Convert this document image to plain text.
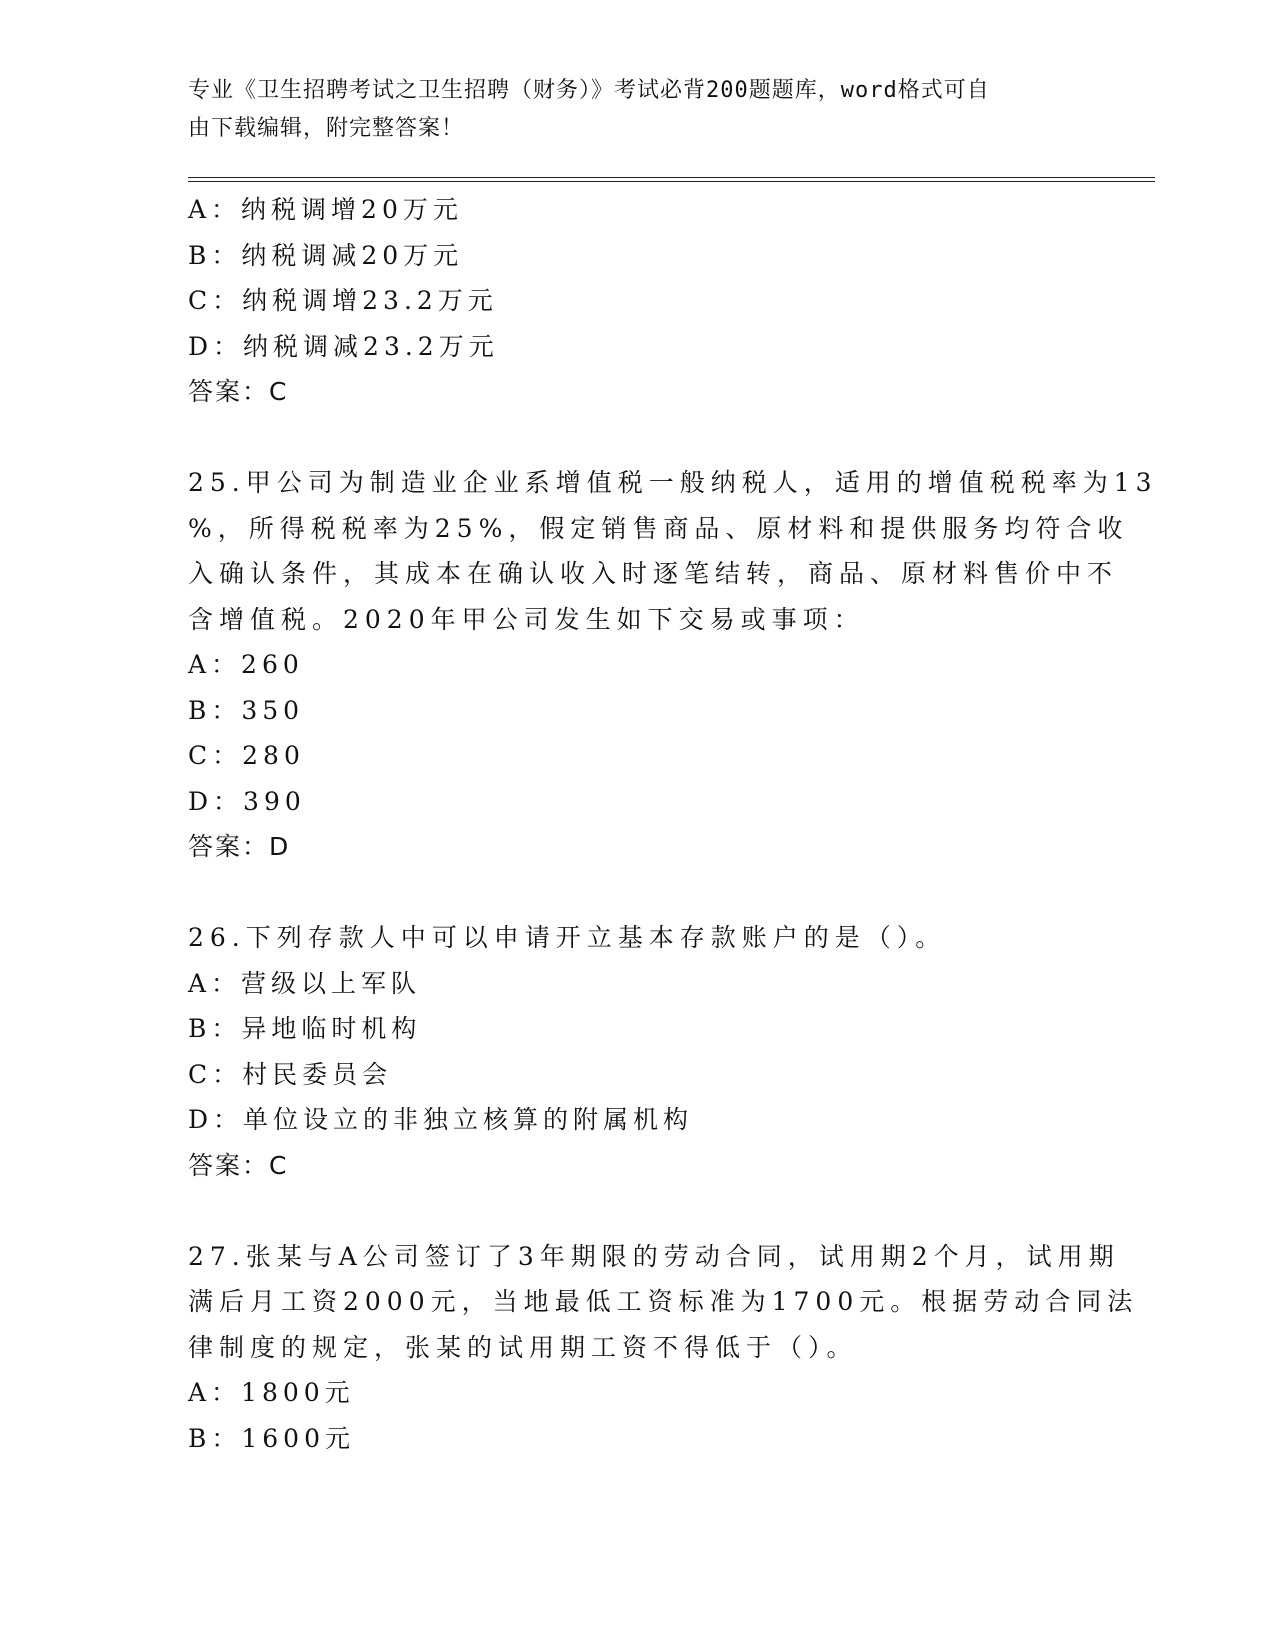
专业《卫生招聘考试之卫生招聘（财务）》考试必背200题题库，word格式可自
由下载编辑，附完整答案！
A：纳税调增20万元
B：纳税调减20万元
C：纳税调增23.2万元
D：纳税调减23.2万元
答案：C
25.甲公司为制造业企业系增值税一般纳税人，适用的增值税税率为13
%，所得税税率为25%，假定销售商品、原材料和提供服务均符合收
入确认条件，其成本在确认收入时逐笔结转，商品、原材料售价中不
含增值税。2020年甲公司发生如下交易或事项：
A：260
B：350
C：280
D：390
答案：D
26.下列存款人中可以申请开立基本存款账户的是（）。
A：营级以上军队
B：异地临时机构
C：村民委员会
D：单位设立的非独立核算的附属机构
答案：C
27.张某与A公司签订了3年期限的劳动合同，试用期2个月，试用期
满后月工资2000元，当地最低工资标准为1700元。根据劳动合同法
律制度的规定，张某的试用期工资不得低于（）。
A：1800元
B：1600元
